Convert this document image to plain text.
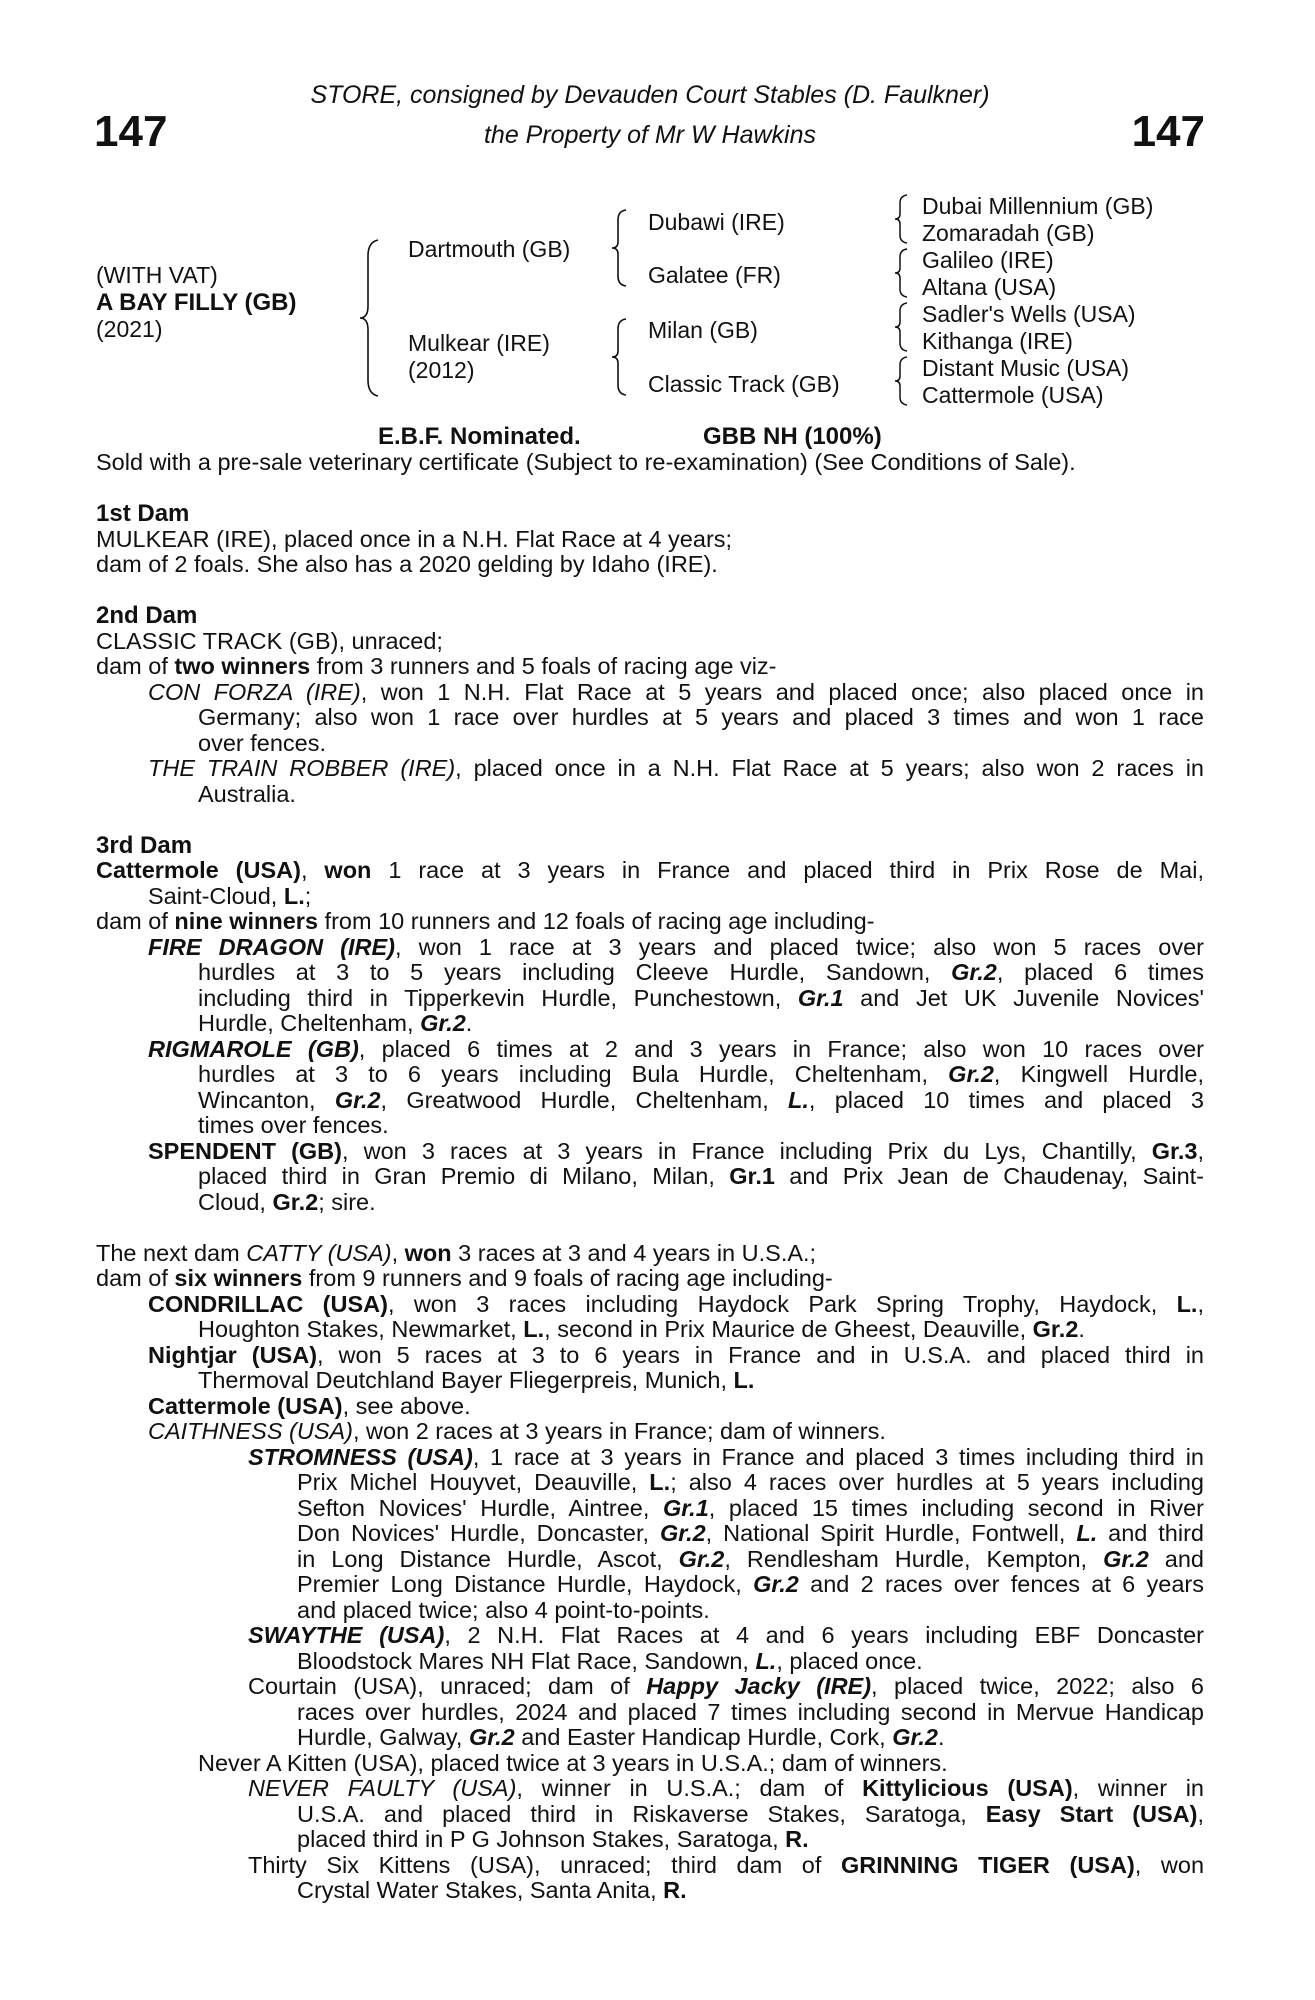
147	147
STORE, consigned by Devauden Court Stables (D. Faulkner)
the Property of Mr W Hawkins
(WITH VAT)
A BAY FILLY (GB)
(2021)
Dartmouth (GB)
Mulkear (IRE)
(2012)
Dubawi (IRE)
Galatee (FR)
Milan (GB)
Classic Track (GB)
Dubai Millennium (GB)
Zomaradah (GB)
Galileo (IRE)
Altana (USA)
Sadler's Wells (USA)
Kithanga (IRE)
Distant Music (USA)
Cattermole (USA)
E.B.F. Nominated.	GBB NH (100%)
Sold with a pre-sale veterinary certificate (Subject to re-examination) (See Conditions of Sale).
1st Dam
MULKEAR (IRE), placed once in a N.H. Flat Race at 4 years;
dam of 2 foals. She also has a 2020 gelding by Idaho (IRE).
2nd Dam
CLASSIC TRACK (GB), unraced;
dam of two winners from 3 runners and 5 foals of racing age viz-
CON FORZA (IRE), won 1 N.H. Flat Race at 5 years and placed once; also placed once in
Germany; also won 1 race over hurdles at 5 years and placed 3 times and won 1 race
over fences.
THE TRAIN ROBBER (IRE), placed once in a N.H. Flat Race at 5 years; also won 2 races in
Australia.
3rd Dam
Cattermole (USA), won 1 race at 3 years in France and placed third in Prix Rose de Mai,
Saint-Cloud, L.;
dam of nine winners from 10 runners and 12 foals of racing age including-
FIRE DRAGON (IRE), won 1 race at 3 years and placed twice; also won 5 races over
hurdles at 3 to 5 years including Cleeve Hurdle, Sandown, Gr.2, placed 6 times
including third in Tipperkevin Hurdle, Punchestown, Gr.1 and Jet UK Juvenile Novices'
Hurdle, Cheltenham, Gr.2.
RIGMAROLE (GB), placed 6 times at 2 and 3 years in France; also won 10 races over
hurdles at 3 to 6 years including Bula Hurdle, Cheltenham, Gr.2, Kingwell Hurdle,
Wincanton, Gr.2, Greatwood Hurdle, Cheltenham, L., placed 10 times and placed 3
times over fences.
SPENDENT (GB), won 3 races at 3 years in France including Prix du Lys, Chantilly, Gr.3,
placed third in Gran Premio di Milano, Milan, Gr.1 and Prix Jean de Chaudenay, Saint-
Cloud, Gr.2; sire.
The next dam CATTY (USA), won 3 races at 3 and 4 years in U.S.A.;
dam of six winners from 9 runners and 9 foals of racing age including-
CONDRILLAC (USA), won 3 races including Haydock Park Spring Trophy, Haydock, L.,
Houghton Stakes, Newmarket, L., second in Prix Maurice de Gheest, Deauville, Gr.2.
Nightjar (USA), won 5 races at 3 to 6 years in France and in U.S.A. and placed third in
Thermoval Deutchland Bayer Fliegerpreis, Munich, L.
Cattermole (USA), see above.
CAITHNESS (USA), won 2 races at 3 years in France; dam of winners.
STROMNESS (USA), 1 race at 3 years in France and placed 3 times including third in
Prix Michel Houyvet, Deauville, L.; also 4 races over hurdles at 5 years including
Sefton Novices' Hurdle, Aintree, Gr.1, placed 15 times including second in River
Don Novices' Hurdle, Doncaster, Gr.2, National Spirit Hurdle, Fontwell, L. and third
in Long Distance Hurdle, Ascot, Gr.2, Rendlesham Hurdle, Kempton, Gr.2 and
Premier Long Distance Hurdle, Haydock, Gr.2 and 2 races over fences at 6 years
and placed twice; also 4 point-to-points.
SWAYTHE (USA), 2 N.H. Flat Races at 4 and 6 years including EBF Doncaster
Bloodstock Mares NH Flat Race, Sandown, L., placed once.
Courtain (USA), unraced; dam of Happy Jacky (IRE), placed twice, 2022; also 6
races over hurdles, 2024 and placed 7 times including second in Mervue Handicap
Hurdle, Galway, Gr.2 and Easter Handicap Hurdle, Cork, Gr.2.
Never A Kitten (USA), placed twice at 3 years in U.S.A.; dam of winners.
NEVER FAULTY (USA), winner in U.S.A.; dam of Kittylicious (USA), winner in
U.S.A. and placed third in Riskaverse Stakes, Saratoga, Easy Start (USA),
placed third in P G Johnson Stakes, Saratoga, R.
Thirty Six Kittens (USA), unraced; third dam of GRINNING TIGER (USA), won
Crystal Water Stakes, Santa Anita, R.
